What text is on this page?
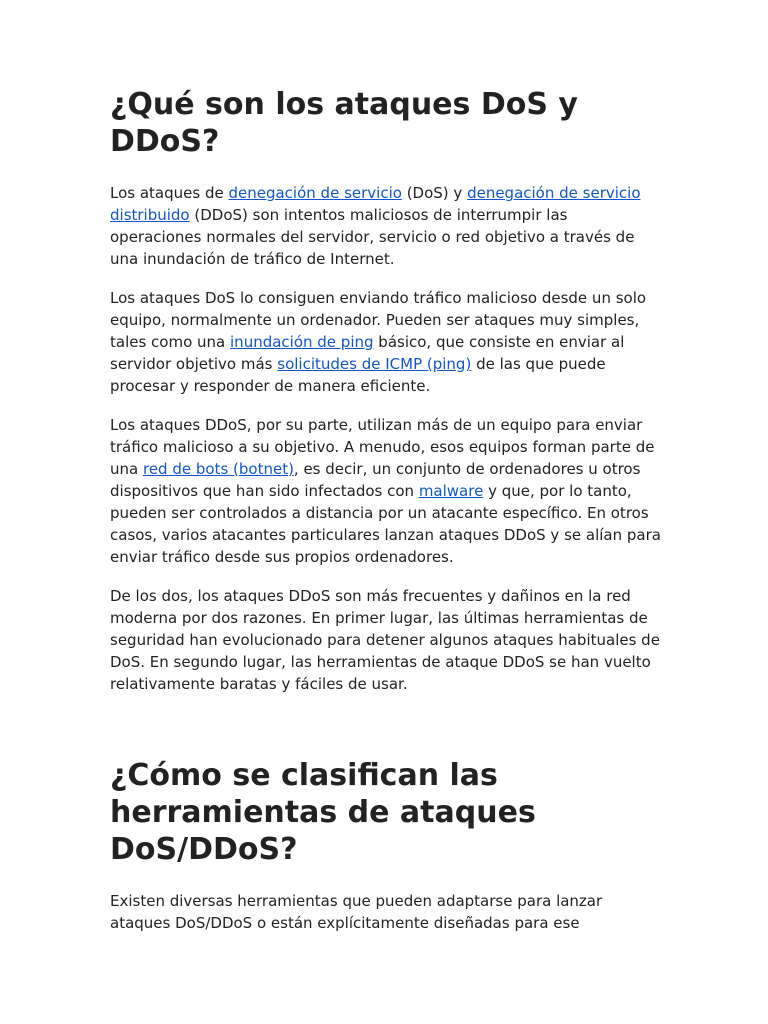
¿Qué son los ataques DoS y DDoS?

Los ataques de denegación de servicio (DoS) y denegación de servicio distribuido (DDoS) son intentos maliciosos de interrumpir las operaciones normales del servidor, servicio o red objetivo a través de una inundación de tráfico de Internet.

Los ataques DoS lo consiguen enviando tráfico malicioso desde un solo equipo, normalmente un ordenador. Pueden ser ataques muy simples, tales como una inundación de ping básico, que consiste en enviar al servidor objetivo más solicitudes de ICMP (ping) de las que puede procesar y responder de manera eficiente.

Los ataques DDoS, por su parte, utilizan más de un equipo para enviar tráfico malicioso a su objetivo. A menudo, esos equipos forman parte de una red de bots (botnet), es decir, un conjunto de ordenadores u otros dispositivos que han sido infectados con malware y que, por lo tanto, pueden ser controlados a distancia por un atacante específico. En otros casos, varios atacantes particulares lanzan ataques DDoS y se alían para enviar tráfico desde sus propios ordenadores.

De los dos, los ataques DDoS son más frecuentes y dañinos en la red moderna por dos razones. En primer lugar, las últimas herramientas de seguridad han evolucionado para detener algunos ataques habituales de DoS. En segundo lugar, las herramientas de ataque DDoS se han vuelto relativamente baratas y fáciles de usar.

¿Cómo se clasifican las herramientas de ataques DoS/DDoS?

Existen diversas herramientas que pueden adaptarse para lanzar ataques DoS/DDoS o están explícitamente diseñadas para ese
